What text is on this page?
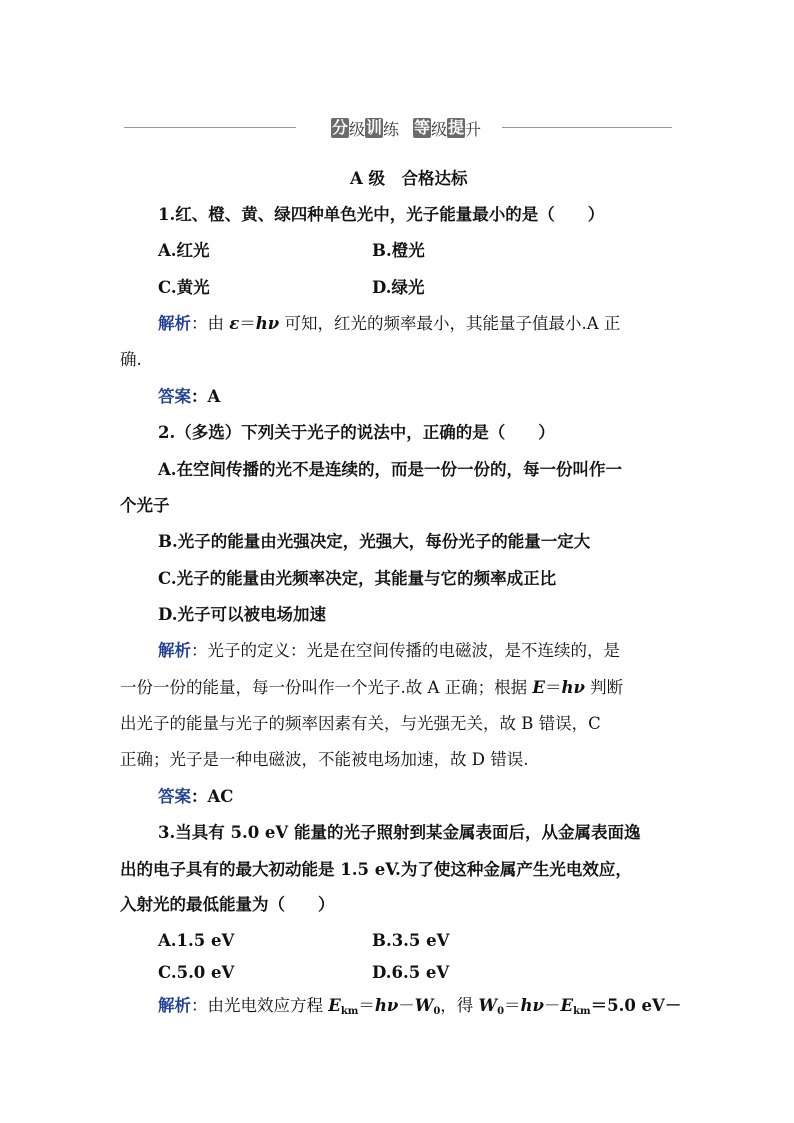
分 级 训 练 等 级 提 升
A 级　合格达标
1.红、橙、黄、绿四种单色光中，光子能量最小的是（　　）
A.红光	B.橙光
C.黄光	D.绿光
解析：由 ε＝hν 可知，红光的频率最小，其能量子值最小.A 正
确.
答案：A
2.（多选）下列关于光子的说法中，正确的是（　　）
A.在空间传播的光不是连续的，而是一份一份的，每一份叫作一
个光子
B.光子的能量由光强决定，光强大，每份光子的能量一定大
C.光子的能量由光频率决定，其能量与它的频率成正比
D.光子可以被电场加速
解析：光子的定义：光是在空间传播的电磁波，是不连续的，是
一份一份的能量，每一份叫作一个光子.故 A 正确；根据 E＝hν 判断
出光子的能量与光子的频率因素有关，与光强无关，故 B 错误，C
正确；光子是一种电磁波，不能被电场加速，故 D 错误.
答案：AC
3.当具有 5.0 eV 能量的光子照射到某金属表面后，从金属表面逸
出的电子具有的最大初动能是 1.5 eV.为了使这种金属产生光电效应，
入射光的最低能量为（　　）
A.1.5 eV	B.3.5 eV
C.5.0 eV	D.6.5 eV
解析：由光电效应方程 $E_{km}=h\nu-W_0$，得 $W_0=h\nu-E_{km}=5.0$ eV－
